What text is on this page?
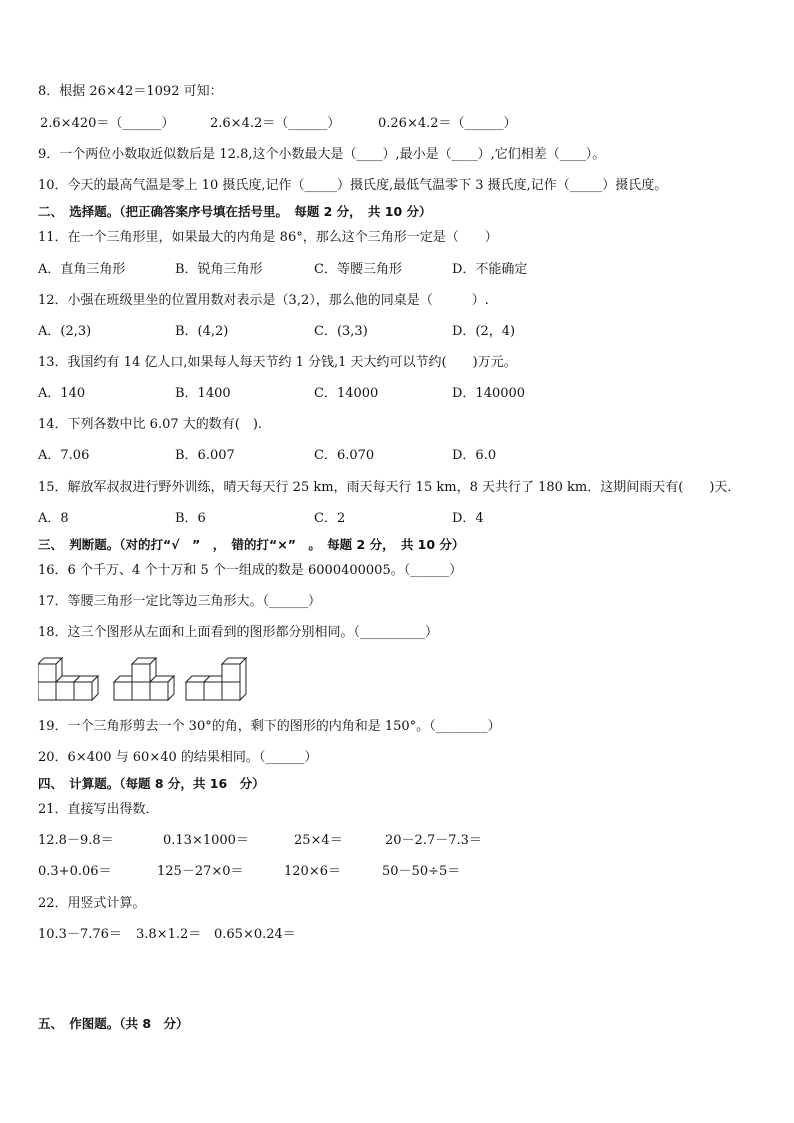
8．根据 26×42＝1092 可知：
2.6×420＝（______）	2.6×4.2＝（______）	0.26×4.2＝（______）
9．一个两位小数取近似数后是 12.8,这个小数最大是（____）,最小是（____）,它们相差（____）。
10．今天的最高气温是零上 10 摄氏度,记作（_____）摄氏度,最低气温零下 3 摄氏度,记作（_____）摄氏度。
二、　选择题。（把正确答案序号填在括号里。　每题 2 分，　共 10 分）
11．在一个三角形里，如果最大的内角是 86°，那么这个三角形一定是（　　）
A．直角三角形	B．锐角三角形	C．等腰三角形	D．不能确定
12．小强在班级里坐的位置用数对表示是（3,2），那么他的同桌是（　　　）.
A．(2,3)	B．(4,2)	C．(3,3)	D．(2，4)
13．我国约有 14 亿人口,如果每人每天节约 1 分钱,1 天大约可以节约(　　)万元。
A．140	B．1400	C．14000	D．140000
14．下列各数中比 6.07 大的数有(　).
A．7.06	B．6.007	C．6.070	D．6.0
15．解放军叔叔进行野外训练，晴天每天行 25 km，雨天每天行 15 km，8 天共行了 180 km．这期间雨天有(　　)天．
A．8	B．6	C．2	D．4
三、　判断题。（对的打“√　”　，　错的打“×”　。　每题 2 分，　共 10 分）
16．6 个千万、4 个十万和 5 个一组成的数是 6000400005。（______）
17．等腰三角形一定比等边三角形大。（______）
18．这三个图形从左面和上面看到的图形都分别相同。（__________）
19．一个三角形剪去一个 30°的角，剩下的图形的内角和是 150°。（________）
20．6×400 与 60×40 的结果相同。（______）
四、　计算题。（每题 8 分，共 16　分）
21．直接写出得数．
12.8－9.8＝	0.13×1000＝	25×4＝	20－2.7－7.3＝
0.3+0.06＝	125－27×0＝	120×6＝	50－50÷5＝
22．用竖式计算。
10.3－7.76＝ 3.8×1.2＝ 0.65×0.24＝
五、　作图题。（共 8　分）
